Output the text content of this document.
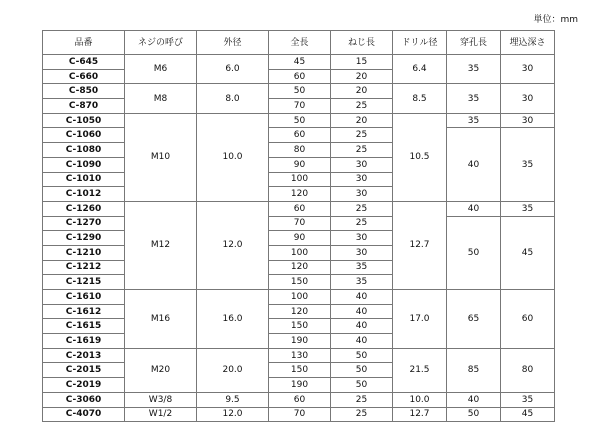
単位：mm
品番	ネジの呼び	外径	全長	ねじ長	ドリル径	穿孔長	埋込深さ
C-645	M6	6.0	45	15	6.4	35	30
C-660			60	20			
C-850	M8	8.0	50	20	8.5	35	30
C-870			70	25			
C-1050	M10	10.0	50	20	10.5	35	30
C-1060			60	25		40	35
C-1080			80	25			
C-1090			90	30			
C-1010			100	30			
C-1012			120	30			
C-1260	M12	12.0	60	25	12.7	40	35
C-1270			70	25		50	45
C-1290			90	30			
C-1210			100	30			
C-1212			120	35			
C-1215			150	35			
C-1610	M16	16.0	100	40	17.0	65	60
C-1612			120	40			
C-1615			150	40			
C-1619			190	40			
C-2013	M20	20.0	130	50	21.5	85	80
C-2015			150	50			
C-2019			190	50			
C-3060	W3/8	9.5	60	25	10.0	40	35
C-4070	W1/2	12.0	70	25	12.7	50	45
